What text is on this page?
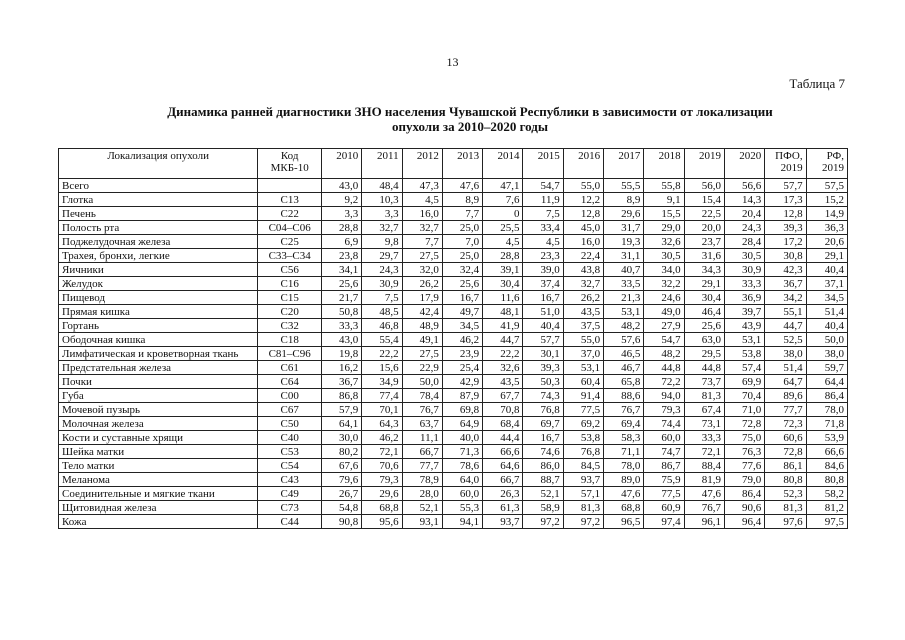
13
Таблица 7
Динамика ранней диагностики ЗНО населения Чувашской Республики в зависимости от локализации
опухоли за 2010–2020 годы
Локализация опухоли	Код МКБ-10	2010	2011	2012	2013	2014	2015	2016	2017	2018	2019	2020	ПФО, 2019	РФ, 2019
Всего		43,0	48,4	47,3	47,6	47,1	54,7	55,0	55,5	55,8	56,0	56,6	57,7	57,5
Глотка	С13	9,2	10,3	4,5	8,9	7,6	11,9	12,2	8,9	9,1	15,4	14,3	17,3	15,2
Печень	С22	3,3	3,3	16,0	7,7	0	7,5	12,8	29,6	15,5	22,5	20,4	12,8	14,9
Полость рта	С04–С06	28,8	32,7	32,7	25,0	25,5	33,4	45,0	31,7	29,0	20,0	24,3	39,3	36,3
Поджелудочная железа	С25	6,9	9,8	7,7	7,0	4,5	4,5	16,0	19,3	32,6	23,7	28,4	17,2	20,6
Трахея, бронхи, легкие	С33–С34	23,8	29,7	27,5	25,0	28,8	23,3	22,4	31,1	30,5	31,6	30,5	30,8	29,1
Яичники	С56	34,1	24,3	32,0	32,4	39,1	39,0	43,8	40,7	34,0	34,3	30,9	42,3	40,4
Желудок	С16	25,6	30,9	26,2	25,6	30,4	37,4	32,7	33,5	32,2	29,1	33,3	36,7	37,1
Пищевод	С15	21,7	7,5	17,9	16,7	11,6	16,7	26,2	21,3	24,6	30,4	36,9	34,2	34,5
Прямая кишка	С20	50,8	48,5	42,4	49,7	48,1	51,0	43,5	53,1	49,0	46,4	39,7	55,1	51,4
Гортань	С32	33,3	46,8	48,9	34,5	41,9	40,4	37,5	48,2	27,9	25,6	43,9	44,7	40,4
Ободочная кишка	С18	43,0	55,4	49,1	46,2	44,7	57,7	55,0	57,6	54,7	63,0	53,1	52,5	50,0
Лимфатическая и кроветворная ткань	С81–С96	19,8	22,2	27,5	23,9	22,2	30,1	37,0	46,5	48,2	29,5	53,8	38,0	38,0
Предстательная железа	С61	16,2	15,6	22,9	25,4	32,6	39,3	53,1	46,7	44,8	44,8	57,4	51,4	59,7
Почки	С64	36,7	34,9	50,0	42,9	43,5	50,3	60,4	65,8	72,2	73,7	69,9	64,7	64,4
Губа	С00	86,8	77,4	78,4	87,9	67,7	74,3	91,4	88,6	94,0	81,3	70,4	89,6	86,4
Мочевой пузырь	С67	57,9	70,1	76,7	69,8	70,8	76,8	77,5	76,7	79,3	67,4	71,0	77,7	78,0
Молочная железа	С50	64,1	64,3	63,7	64,9	68,4	69,7	69,2	69,4	74,4	73,1	72,8	72,3	71,8
Кости и суставные хрящи	С40	30,0	46,2	11,1	40,0	44,4	16,7	53,8	58,3	60,0	33,3	75,0	60,6	53,9
Шейка матки	С53	80,2	72,1	66,7	71,3	66,6	74,6	76,8	71,1	74,7	72,1	76,3	72,8	66,6
Тело матки	С54	67,6	70,6	77,7	78,6	64,6	86,0	84,5	78,0	86,7	88,4	77,6	86,1	84,6
Меланома	С43	79,6	79,3	78,9	64,0	66,7	88,7	93,7	89,0	75,9	81,9	79,0	80,8	80,8
Соединительные и мягкие ткани	С49	26,7	29,6	28,0	60,0	26,3	52,1	57,1	47,6	77,5	47,6	86,4	52,3	58,2
Щитовидная железа	С73	54,8	68,8	52,1	55,3	61,3	58,9	81,3	68,8	60,9	76,7	90,6	81,3	81,2
Кожа	С44	90,8	95,6	93,1	94,1	93,7	97,2	97,2	96,5	97,4	96,1	96,4	97,6	97,5
